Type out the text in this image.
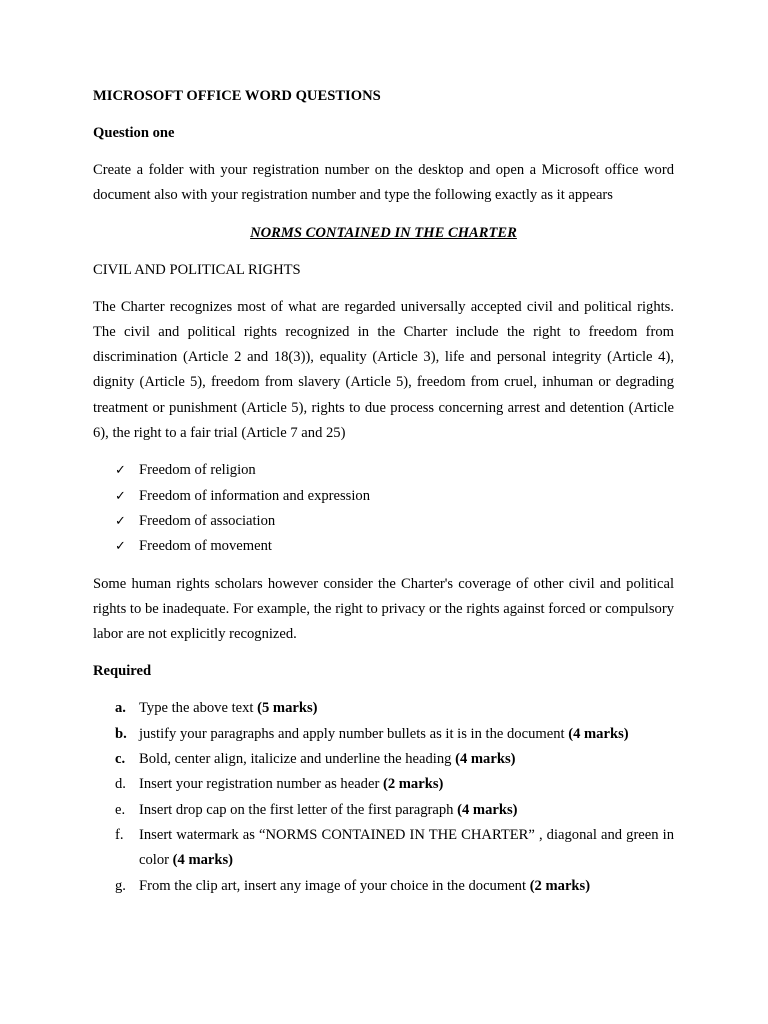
MICROSOFT OFFICE WORD QUESTIONS

Question one

Create a folder with your registration number on the desktop and open a Microsoft office word document also with your registration number and type the following exactly as it appears

NORMS CONTAINED IN THE CHARTER

CIVIL AND POLITICAL RIGHTS

The Charter recognizes most of what are regarded universally accepted civil and political rights. The civil and political rights recognized in the Charter include the right to freedom from discrimination (Article 2 and 18(3)), equality (Article 3), life and personal integrity (Article 4), dignity (Article 5), freedom from slavery (Article 5), freedom from cruel, inhuman or degrading treatment or punishment (Article 5), rights to due process concerning arrest and detention (Article 6), the right to a fair trial (Article 7 and 25)

✓ Freedom of religion
✓ Freedom of information and expression
✓ Freedom of association
✓ Freedom of movement

Some human rights scholars however consider the Charter's coverage of other civil and political rights to be inadequate. For example, the right to privacy or the rights against forced or compulsory labor are not explicitly recognized.

Required

a. Type the above text (5 marks)
b. justify your paragraphs and apply number bullets as it is in the document (4 marks)
c. Bold, center align, italicize and underline the heading (4 marks)
d. Insert your registration number as header (2 marks)
e. Insert drop cap on the first letter of the first paragraph (4 marks)
f. Insert watermark as “NORMS CONTAINED IN THE CHARTER” , diagonal and green in color (4 marks)
g. From the clip art, insert any image of your choice in the document (2 marks)
